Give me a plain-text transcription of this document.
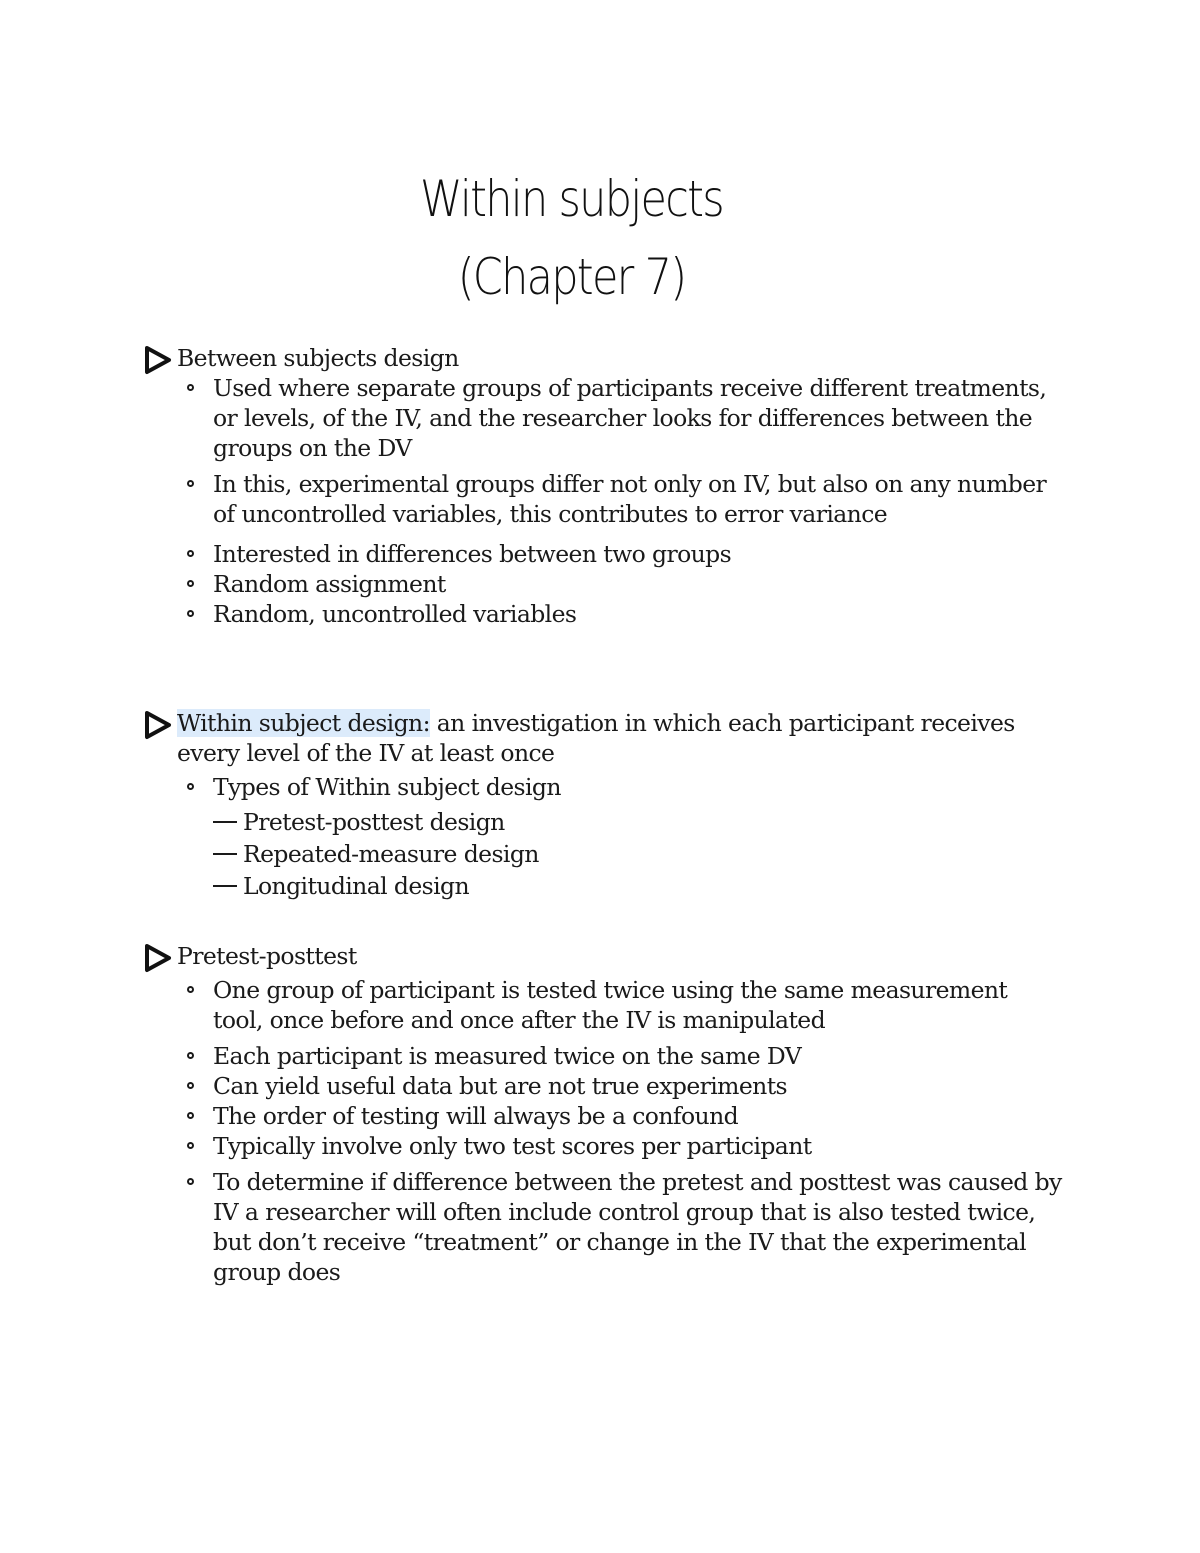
Within subjects
(Chapter 7)
Between subjects design
Used where separate groups of participants receive different treatments, or levels, of the IV, and the researcher looks for differences between the groups on the DV
In this, experimental groups differ not only on IV, but also on any number of uncontrolled variables, this contributes to error variance
Interested in differences between two groups
Random assignment
Random, uncontrolled variables
Within subject design: an investigation in which each participant receives every level of the IV at least once
Types of Within subject design
Pretest-posttest design
Repeated-measure design
Longitudinal design
Pretest-posttest
One group of participant is tested twice using the same measurement tool, once before and once after the IV is manipulated
Each participant is measured twice on the same DV
Can yield useful data but are not true experiments
The order of testing will always be a confound
Typically involve only two test scores per participant
To determine if difference between the pretest and posttest was caused by IV a researcher will often include control group that is also tested twice, but don’t receive “treatment” or change in the IV that the experimental group does
